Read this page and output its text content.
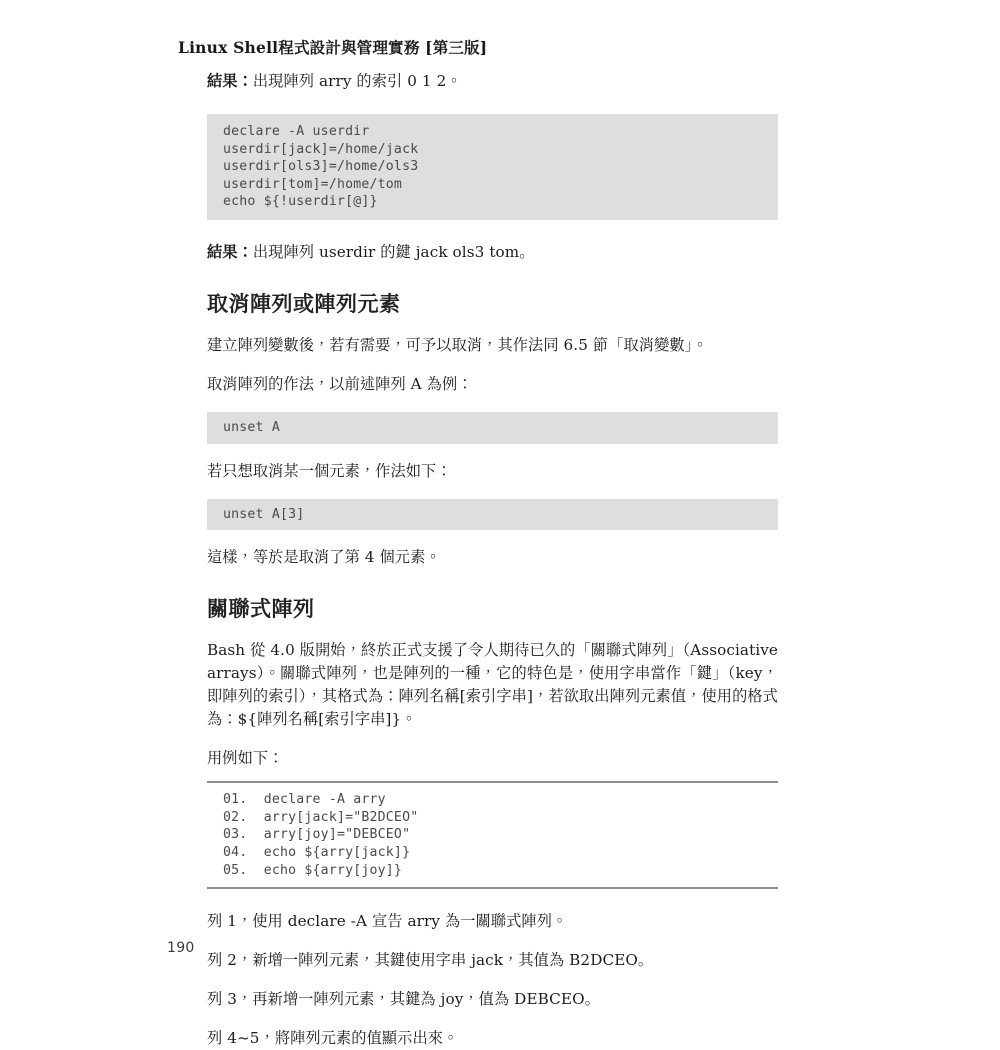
Linux Shell程式設計與管理實務 [第三版]

結果：出現陣列 arry 的索引 0 1 2。

declare -A userdir
userdir[jack]=/home/jack
userdir[ols3]=/home/ols3
userdir[tom]=/home/tom
echo ${!userdir[@]}

結果：出現陣列 userdir 的鍵 jack ols3 tom。

取消陣列或陣列元素

建立陣列變數後，若有需要，可予以取消，其作法同 6.5 節「取消變數」。

取消陣列的作法，以前述陣列 A 為例：

unset A

若只想取消某一個元素，作法如下：

unset A[3]

這樣，等於是取消了第 4 個元素。

關聯式陣列

Bash 從 4.0 版開始，終於正式支援了令人期待已久的「關聯式陣列」（Associative arrays）。關聯式陣列，也是陣列的一種，它的特色是，使用字串當作「鍵」（key，即陣列的索引），其格式為：陣列名稱[索引字串]，若欲取出陣列元素值，使用的格式為：${陣列名稱[索引字串]}。

用例如下：

01.  declare -A arry
02.  arry[jack]="B2DCEO"
03.  arry[joy]="DEBCEO"
04.  echo ${arry[jack]}
05.  echo ${arry[joy]}

列 1，使用 declare -A 宣告 arry 為一關聯式陣列。

列 2，新增一陣列元素，其鍵使用字串 jack，其值為 B2DCEO。

列 3，再新增一陣列元素，其鍵為 joy，值為 DEBCEO。

列 4~5，將陣列元素的值顯示出來。

190
